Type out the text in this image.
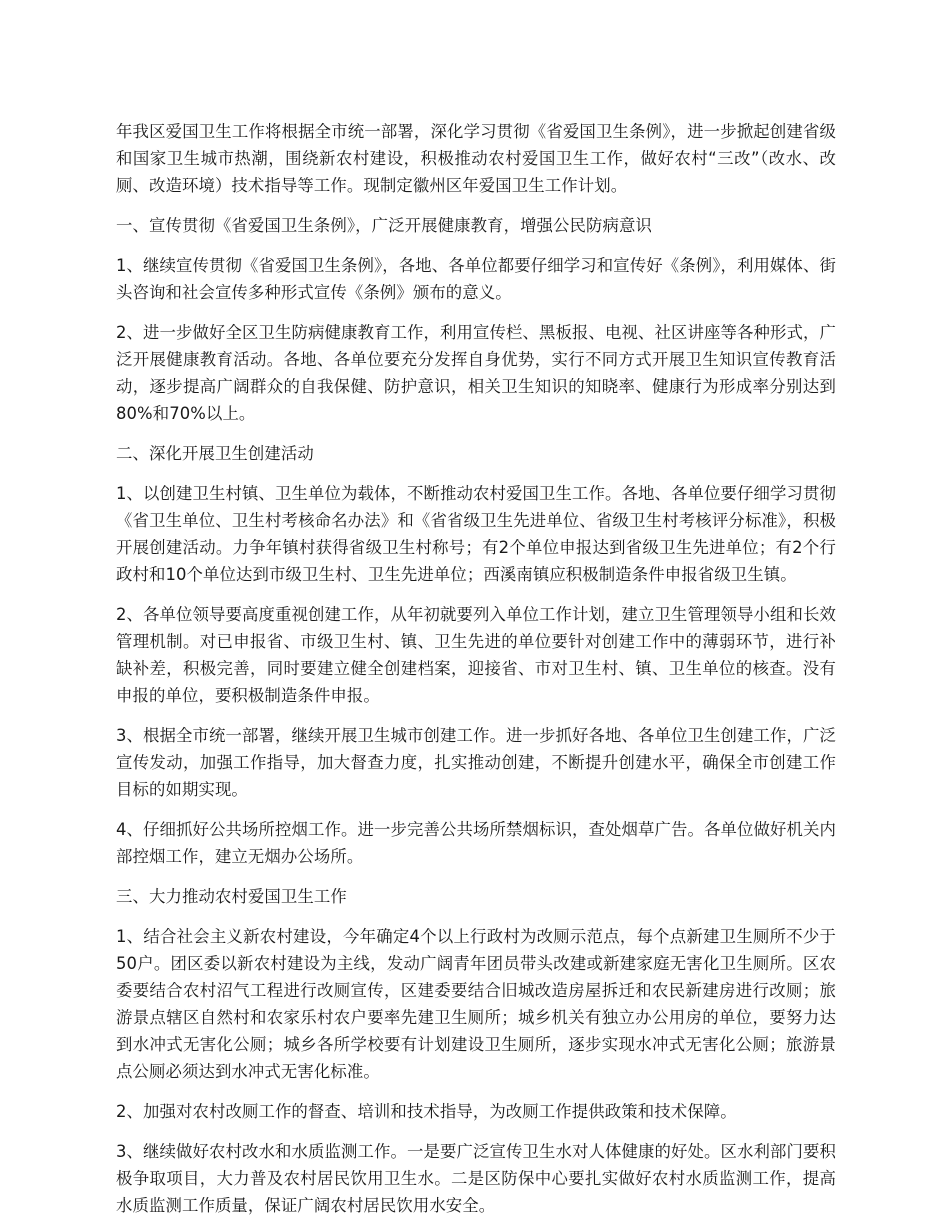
年我区爱国卫生工作将根据全市统一部署，深化学习贯彻《省爱国卫生条例》，进一步掀起创建省级和国家卫生城市热潮，围绕新农村建设，积极推动农村爱国卫生工作，做好农村“三改”（改水、改厕、改造环境）技术指导等工作。现制定徽州区年爱国卫生工作计划。

一、宣传贯彻《省爱国卫生条例》，广泛开展健康教育，增强公民防病意识

1、继续宣传贯彻《省爱国卫生条例》，各地、各单位都要仔细学习和宣传好《条例》，利用媒体、街头咨询和社会宣传多种形式宣传《条例》颁布的意义。

2、进一步做好全区卫生防病健康教育工作，利用宣传栏、黑板报、电视、社区讲座等各种形式，广泛开展健康教育活动。各地、各单位要充分发挥自身优势，实行不同方式开展卫生知识宣传教育活动，逐步提高广阔群众的自我保健、防护意识，相关卫生知识的知晓率、健康行为形成率分别达到80%和70%以上。

二、深化开展卫生创建活动

1、以创建卫生村镇、卫生单位为载体，不断推动农村爱国卫生工作。各地、各单位要仔细学习贯彻《省卫生单位、卫生村考核命名办法》和《省省级卫生先进单位、省级卫生村考核评分标准》，积极开展创建活动。力争年镇村获得省级卫生村称号；有2个单位申报达到省级卫生先进单位；有2个行政村和10个单位达到市级卫生村、卫生先进单位；西溪南镇应积极制造条件申报省级卫生镇。

2、各单位领导要高度重视创建工作，从年初就要列入单位工作计划，建立卫生管理领导小组和长效管理机制。对已申报省、市级卫生村、镇、卫生先进的单位要针对创建工作中的薄弱环节，进行补缺补差，积极完善，同时要建立健全创建档案，迎接省、市对卫生村、镇、卫生单位的核查。没有申报的单位，要积极制造条件申报。

3、根据全市统一部署，继续开展卫生城市创建工作。进一步抓好各地、各单位卫生创建工作，广泛宣传发动，加强工作指导，加大督查力度，扎实推动创建，不断提升创建水平，确保全市创建工作目标的如期实现。

4、仔细抓好公共场所控烟工作。进一步完善公共场所禁烟标识，查处烟草广告。各单位做好机关内部控烟工作，建立无烟办公场所。

三、大力推动农村爱国卫生工作

1、结合社会主义新农村建设，今年确定4个以上行政村为改厕示范点，每个点新建卫生厕所不少于50户。团区委以新农村建设为主线，发动广阔青年团员带头改建或新建家庭无害化卫生厕所。区农委要结合农村沼气工程进行改厕宣传，区建委要结合旧城改造房屋拆迁和农民新建房进行改厕；旅游景点辖区自然村和农家乐村农户要率先建卫生厕所；城乡机关有独立办公用房的单位，要努力达到水冲式无害化公厕；城乡各所学校要有计划建设卫生厕所，逐步实现水冲式无害化公厕；旅游景点公厕必须达到水冲式无害化标准。

2、加强对农村改厕工作的督查、培训和技术指导，为改厕工作提供政策和技术保障。

3、继续做好农村改水和水质监测工作。一是要广泛宣传卫生水对人体健康的好处。区水利部门要积极争取项目，大力普及农村居民饮用卫生水。二是区防保中心要扎实做好农村水质监测工作，提高水质监测工作质量，保证广阔农村居民饮用水安全。
